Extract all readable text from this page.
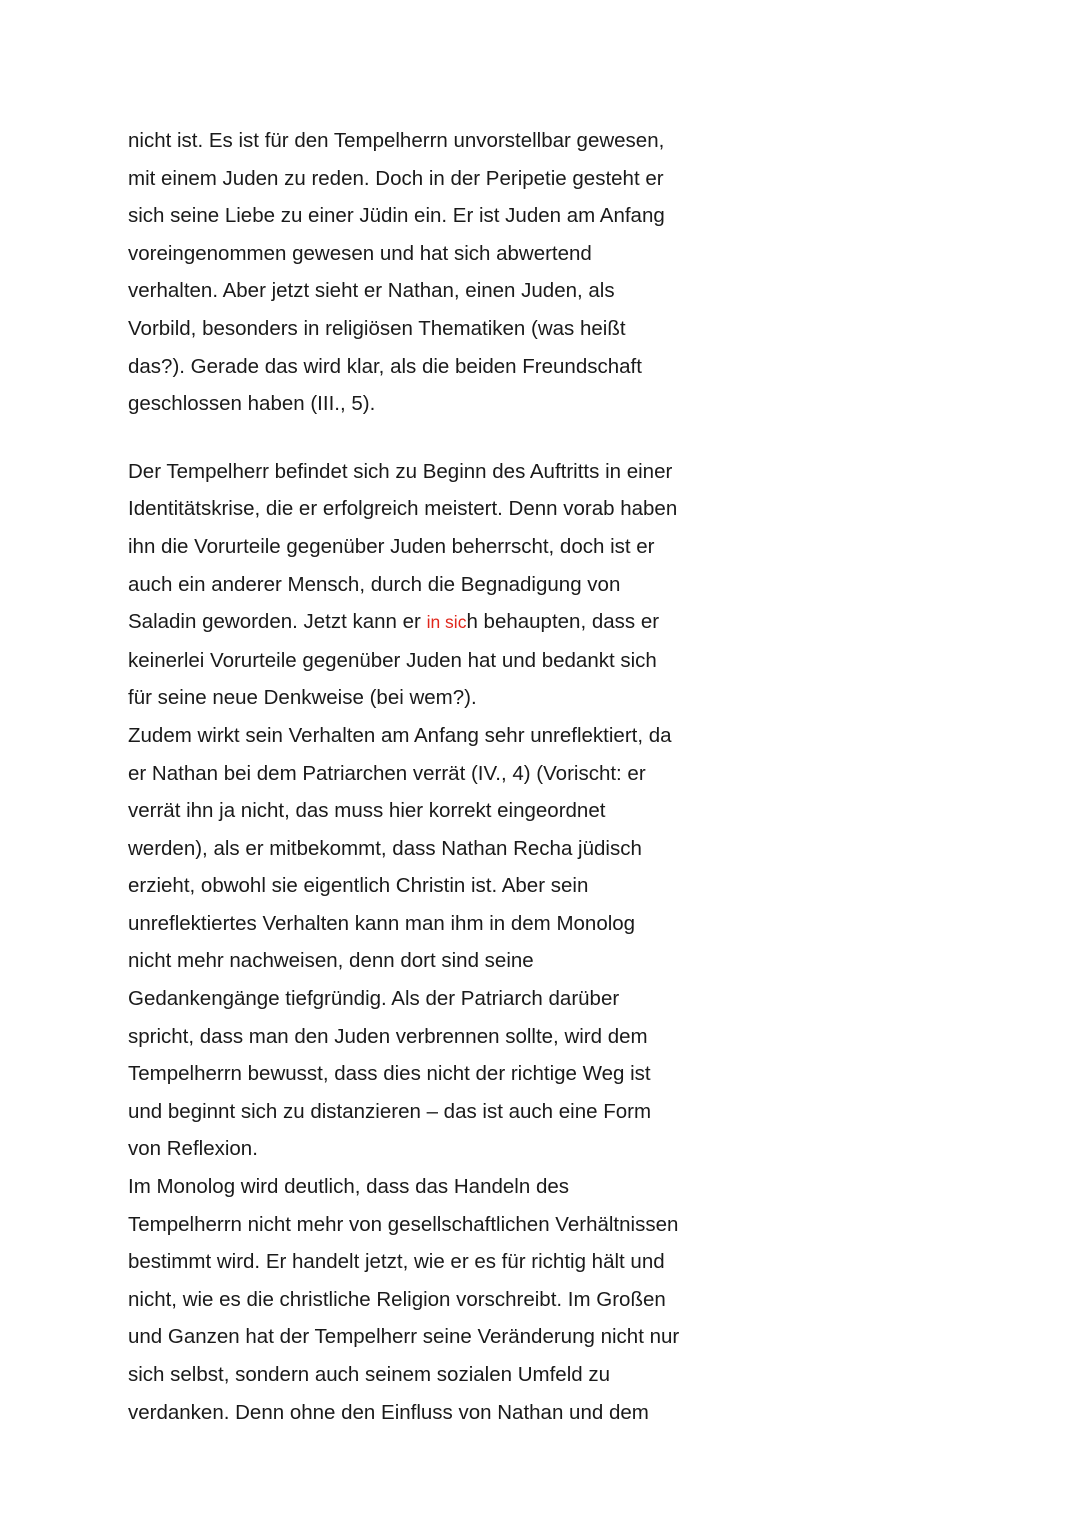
nicht ist. Es ist für den Tempelherrn unvorstellbar gewesen,
mit einem Juden zu reden. Doch in der Peripetie gesteht er
sich seine Liebe zu einer Jüdin ein. Er ist Juden am Anfang
voreingenommen gewesen und hat sich abwertend
verhalten. Aber jetzt sieht er Nathan, einen Juden, als
Vorbild, besonders in religiösen Thematiken (was heißt
das?). Gerade das wird klar, als die beiden Freundschaft
geschlossen haben (III., 5).
Der Tempelherr befindet sich zu Beginn des Auftritts in einer
Identitätskrise, die er erfolgreich meistert. Denn vorab haben
ihn die Vorurteile gegenüber Juden beherrscht, doch ist er
auch ein anderer Mensch, durch die Begnadigung von
Saladin geworden. Jetzt kann er in sich behaupten, dass er
keinerlei Vorurteile gegenüber Juden hat und bedankt sich
für seine neue Denkweise (bei wem?).
Zudem wirkt sein Verhalten am Anfang sehr unreflektiert, da
er Nathan bei dem Patriarchen verrät (IV., 4) (Vorischt: er
verrät ihn ja nicht, das muss hier korrekt eingeordnet
werden), als er mitbekommt, dass Nathan Recha jüdisch
erzieht, obwohl sie eigentlich Christin ist. Aber sein
unreflektiertes Verhalten kann man ihm in dem Monolog
nicht mehr nachweisen, denn dort sind seine
Gedankengänge tiefgründig. Als der Patriarch darüber
spricht, dass man den Juden verbrennen sollte, wird dem
Tempelherrn bewusst, dass dies nicht der richtige Weg ist
und beginnt sich zu distanzieren – das ist auch eine Form
von Reflexion.
Im Monolog wird deutlich, dass das Handeln des
Tempelherrn nicht mehr von gesellschaftlichen Verhältnissen
bestimmt wird. Er handelt jetzt, wie er es für richtig hält und
nicht, wie es die christliche Religion vorschreibt. Im Großen
und Ganzen hat der Tempelherr seine Veränderung nicht nur
sich selbst, sondern auch seinem sozialen Umfeld zu
verdanken. Denn ohne den Einfluss von Nathan und dem
